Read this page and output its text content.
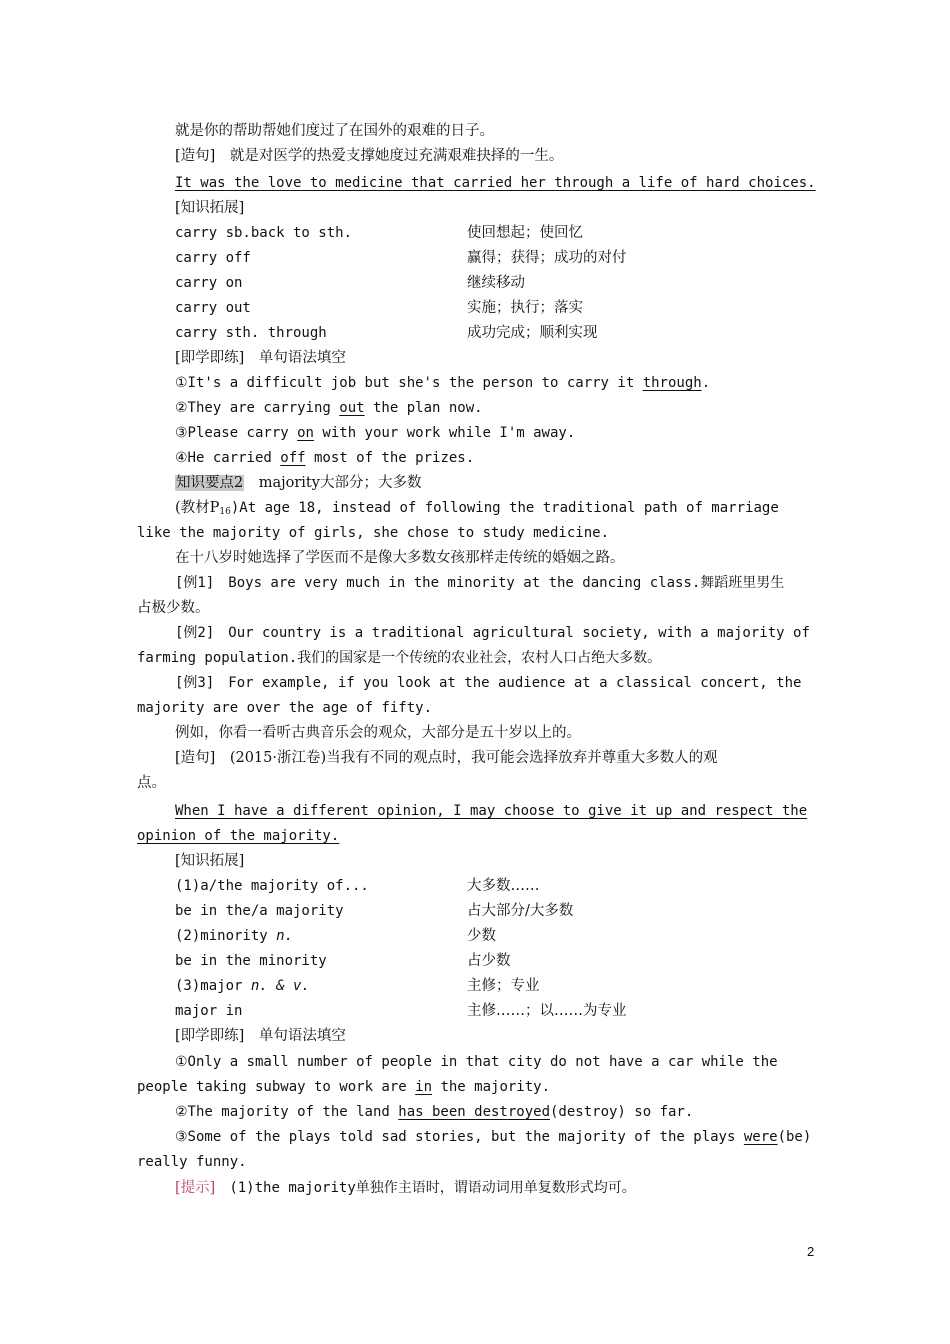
就是你的帮助帮她们度过了在国外的艰难的日子。
[造句]　 就是对医学的热爱支撑她度过充满艰难抉择的一生。
It was the love to medicine that carried her through a life of hard choices.
[知识拓展]
carry sb.back to sth.	使回想起；使回忆
carry off	赢得；获得；成功的对付
carry on	继续移动
carry out	实施；执行；落实
carry sth. through	成功完成；顺利实现
[即学即练]　单句语法填空
①It's a difficult job but she's the person to carry it through.
②They are carrying out the plan now.
③Please carry on with your work while I'm away.
④He carried off most of the prizes.
知识要点2　 majority大部分；大多数
(教材$P_{16})At$ age 18, instead of following the traditional path of marriage
like the majority of girls, she chose to study medicine.
在十八岁时她选择了学医而不是像大多数女孩那样走传统的婚姻之路。
[例1]　Boys are very much in the minority at the dancing class.舞蹈班里男生
占极少数。
[例2]　Our country is a traditional agricultural society, with a majority of
farming population.我们的国家是一个传统的农业社会，农村人口占绝大多数。
[例3]　For example, if you look at the audience at a classical concert, the
majority are over the age of fifty.
例如，你看一看听古典音乐会的观众，大部分是五十岁以上的。
[造句]　(2015·浙江卷)当我有不同的观点时，我可能会选择放弃并尊重大多数人的观
点。
When I have a different opinion, I may choose to give it up and respect the
opinion of the majority.
[知识拓展]
(1)a/the majority of...	大多数……
be in the/a majority	占大部分/大多数
(2)minority n.	少数
be in the minority	占少数
(3)major n. & v.	主修；专业
major in	主修……；以……为专业
[即学即练]　单句语法填空
①Only a small number of people in that city do not have a car while the
people taking subway to work are in the majority.
②The majority of the land has been destroyed(destroy) so far.
③Some of the plays told sad stories, but the majority of the plays were(be)
really funny.
[提示]　(1)the majority单独作主语时，谓语动词用单复数形式均可。
2
